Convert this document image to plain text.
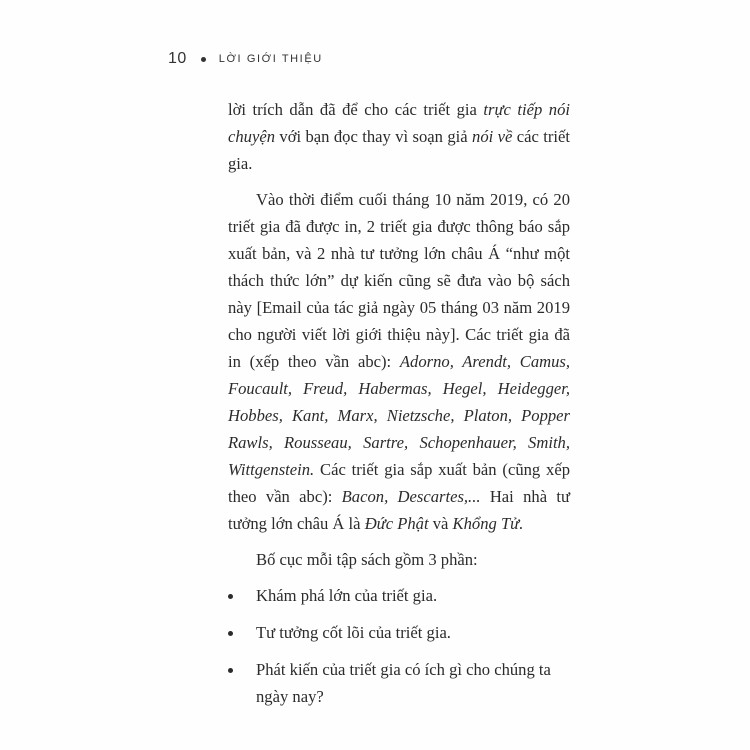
10	LỜI GIỚI THIỆU

lời trích dẫn đã để cho các triết gia trực tiếp nói chuyện với bạn đọc thay vì soạn giả nói về các triết gia.

Vào thời điểm cuối tháng 10 năm 2019, có 20 triết gia đã được in, 2 triết gia được thông báo sắp xuất bản, và 2 nhà tư tưởng lớn châu Á “như một thách thức lớn” dự kiến cũng sẽ đưa vào bộ sách này [Email của tác giả ngày 05 tháng 03 năm 2019 cho người viết lời giới thiệu này]. Các triết gia đã in (xếp theo vần abc): Adorno, Arendt, Camus, Foucault, Freud, Habermas, Hegel, Heidegger, Hobbes, Kant, Marx, Nietzsche, Platon, Popper Rawls, Rousseau, Sartre, Schopenhauer, Smith, Wittgenstein. Các triết gia sắp xuất bản (cũng xếp theo vần abc): Bacon, Descartes,... Hai nhà tư tưởng lớn châu Á là Đức Phật và Khổng Tử.

Bố cục mỗi tập sách gồm 3 phần:

Khám phá lớn của triết gia.
Tư tưởng cốt lõi của triết gia.
Phát kiến của triết gia có ích gì cho chúng ta ngày nay?
